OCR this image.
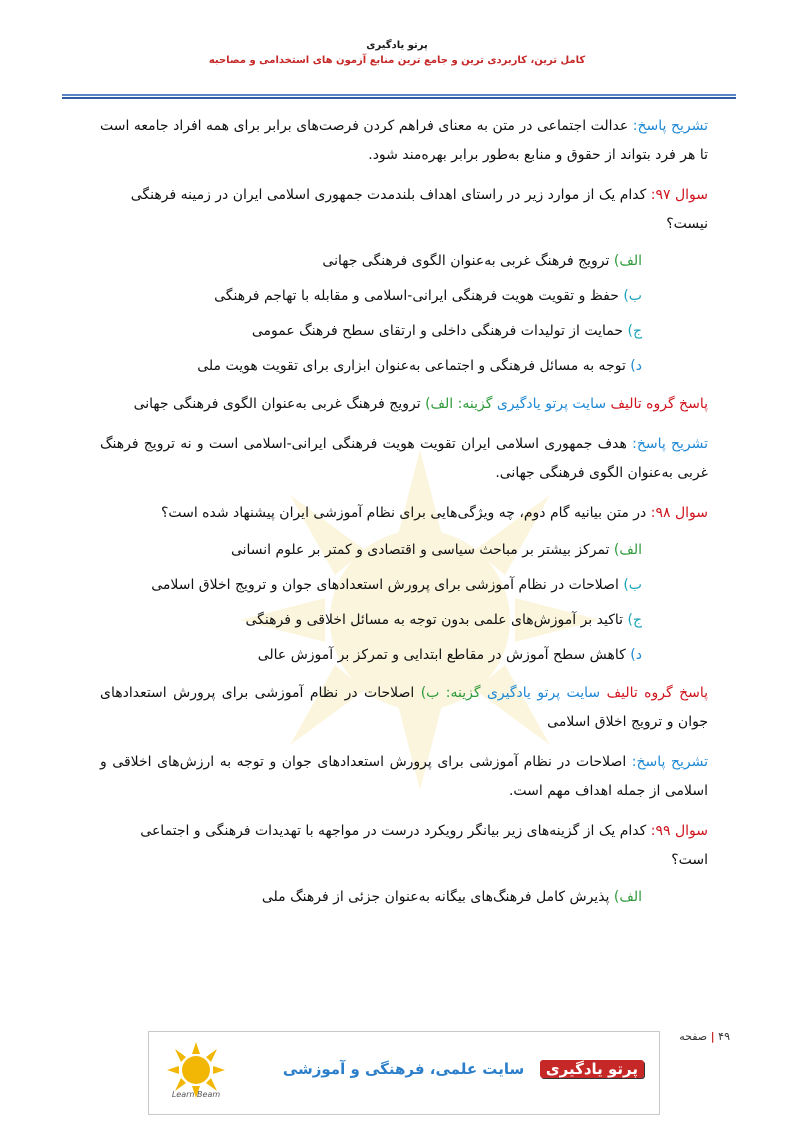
پرتو یادگیری
کامل ترین، کاربردی ترین و جامع ترین منابع آزمون های استخدامی و مصاحبه

تشریح پاسخ: عدالت اجتماعی در متن به معنای فراهم کردن فرصت‌های برابر برای همه افراد جامعه است تا هر فرد بتواند از حقوق و منابع به‌طور برابر بهره‌مند شود.

سوال ۹۷: کدام یک از موارد زیر در راستای اهداف بلندمدت جمهوری اسلامی ایران در زمینه فرهنگی نیست؟

الف) ترویج فرهنگ غربی به‌عنوان الگوی فرهنگی جهانی

ب) حفظ و تقویت هویت فرهنگی ایرانی-اسلامی و مقابله با تهاجم فرهنگی

ج) حمایت از تولیدات فرهنگی داخلی و ارتقای سطح فرهنگ عمومی

د) توجه به مسائل فرهنگی و اجتماعی به‌عنوان ابزاری برای تقویت هویت ملی

پاسخ گروه تالیف سایت پرتو یادگیری گزینه: الف) ترویج فرهنگ غربی به‌عنوان الگوی فرهنگی جهانی

تشریح پاسخ: هدف جمهوری اسلامی ایران تقویت هویت فرهنگی ایرانی-اسلامی است و نه ترویج فرهنگ غربی به‌عنوان الگوی فرهنگی جهانی.

سوال ۹۸: در متن بیانیه گام دوم، چه ویژگی‌هایی برای نظام آموزشی ایران پیشنهاد شده است؟

الف) تمرکز بیشتر بر مباحث سیاسی و اقتصادی و کمتر بر علوم انسانی

ب) اصلاحات در نظام آموزشی برای پرورش استعدادهای جوان و ترویج اخلاق اسلامی

ج) تاکید بر آموزش‌های علمی بدون توجه به مسائل اخلاقی و فرهنگی

د) کاهش سطح آموزش در مقاطع ابتدایی و تمرکز بر آموزش عالی

پاسخ گروه تالیف سایت پرتو یادگیری گزینه: ب) اصلاحات در نظام آموزشی برای پرورش استعدادهای جوان و ترویج اخلاق اسلامی

تشریح پاسخ: اصلاحات در نظام آموزشی برای پرورش استعدادهای جوان و توجه به ارزش‌های اخلاقی و اسلامی از جمله اهداف مهم است.

سوال ۹۹: کدام یک از گزینه‌های زیر بیانگر رویکرد درست در مواجهه با تهدیدات فرهنگی و اجتماعی است؟

الف) پذیرش کامل فرهنگ‌های بیگانه به‌عنوان جزئی از فرهنگ ملی

۴۹ | صفحه
Learn Beam
پرتو یادگیری   سایت علمی، فرهنگی و آموزشی
